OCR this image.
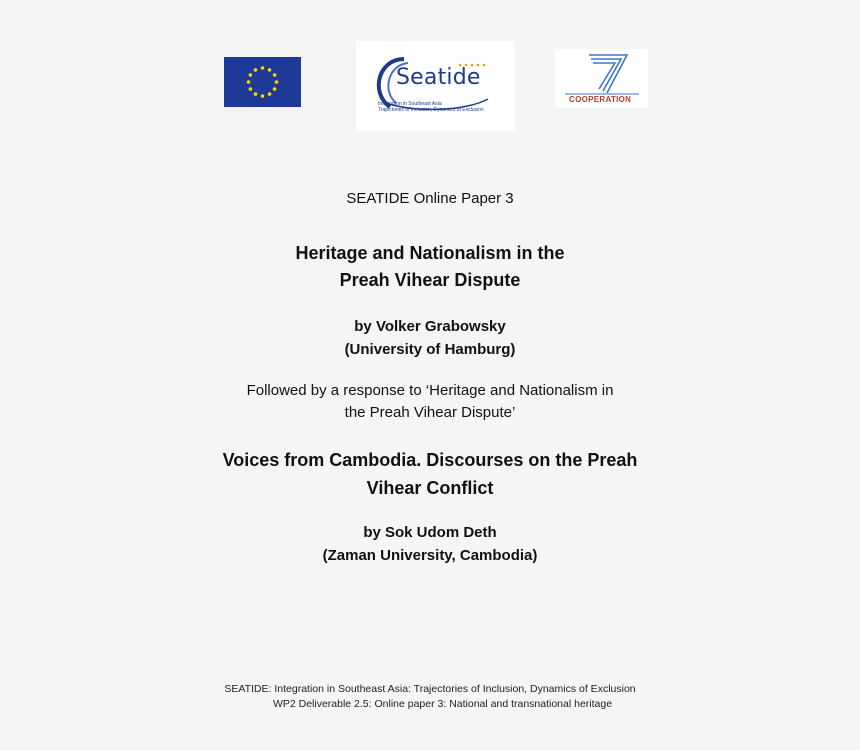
Seatide
Integration in Southeast Asia
Trajectories of Inclusion, Dynamics of Exclusion
COOPERATION
SEATIDE Online Paper 3
Heritage and Nationalism in the
Preah Vihear Dispute
by Volker Grabowsky
(University of Hamburg)
Followed by a response to ‘Heritage and Nationalism in
the Preah Vihear Dispute’
Voices from Cambodia. Discourses on the Preah
Vihear Conflict
by Sok Udom Deth
(Zaman University, Cambodia)
SEATIDE: Integration in Southeast Asia: Trajectories of Inclusion, Dynamics of Exclusion
WP2 Deliverable 2.5: Online paper 3: National and transnational heritage
